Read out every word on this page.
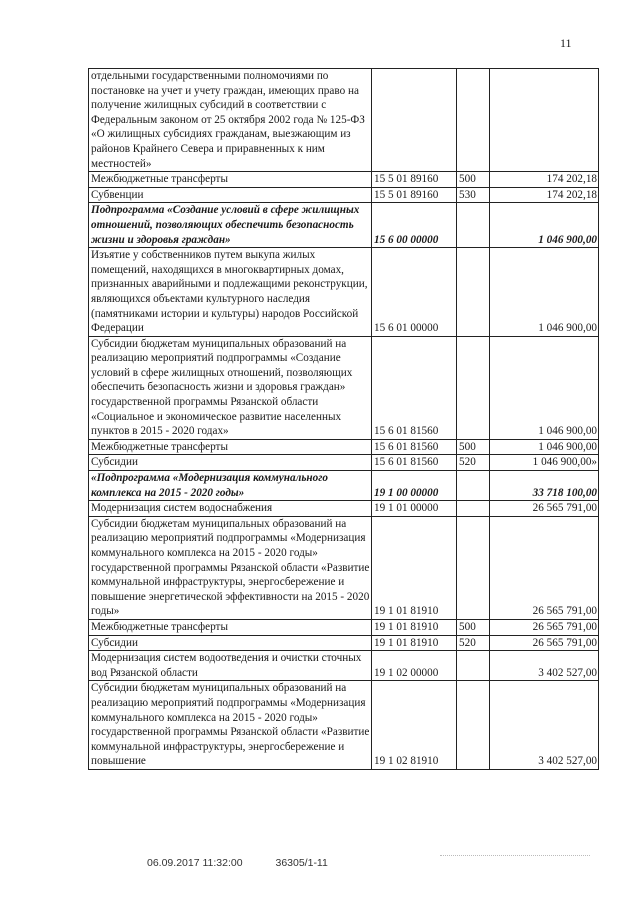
11
отдельными государственными полномочиями по постановке на учет и учету граждан, имеющих право на получение жилищных субсидий в соответствии с Федеральным законом от 25 октября 2002 года № 125-ФЗ «О жилищных субсидиях гражданам, выезжающим из районов Крайнего Севера и приравненных к ним местностей»			
Межбюджетные трансферты	15 5 01 89160	500	174 202,18
Субвенции	15 5 01 89160	530	174 202,18
Подпрограмма «Создание условий в сфере жилищных отношений, позволяющих обеспечить безопасность жизни и здоровья граждан»	15 6 00 00000		1 046 900,00
Изъятие у собственников путем выкупа жилых помещений, находящихся в многоквартирных домах, признанных аварийными и подлежащими реконструкции, являющихся объектами культурного наследия (памятниками истории и культуры) народов Российской Федерации	15 6 01 00000		1 046 900,00
Субсидии бюджетам муниципальных образований на реализацию мероприятий подпрограммы «Создание условий в сфере жилищных отношений, позволяющих обеспечить безопасность жизни и здоровья граждан» государственной программы Рязанской области «Социальное и экономическое развитие населенных пунктов в 2015 - 2020 годах»	15 6 01 81560		1 046 900,00
Межбюджетные трансферты	15 6 01 81560	500	1 046 900,00
Субсидии	15 6 01 81560	520	1 046 900,00»
«Подпрограмма «Модернизация коммунального комплекса на 2015 - 2020 годы»	19 1 00 00000		33 718 100,00
Модернизация систем водоснабжения	19 1 01 00000		26 565 791,00
Субсидии бюджетам муниципальных образований на реализацию мероприятий подпрограммы «Модернизация коммунального комплекса на 2015 - 2020 годы» государственной программы Рязанской области «Развитие коммунальной инфраструктуры, энергосбережение и повышение энергетической эффективности на 2015 - 2020 годы»	19 1 01 81910		26 565 791,00
Межбюджетные трансферты	19 1 01 81910	500	26 565 791,00
Субсидии	19 1 01 81910	520	26 565 791,00
Модернизация систем водоотведения и очистки сточных вод Рязанской области	19 1 02 00000		3 402 527,00
Субсидии бюджетам муниципальных образований на реализацию мероприятий подпрограммы «Модернизация коммунального комплекса на 2015 - 2020 годы» государственной программы Рязанской области «Развитие коммунальной инфраструктуры, энергосбережение и повышение	19 1 02 81910		3 402 527,00
06.09.2017 11:32:00	36305/1-11
